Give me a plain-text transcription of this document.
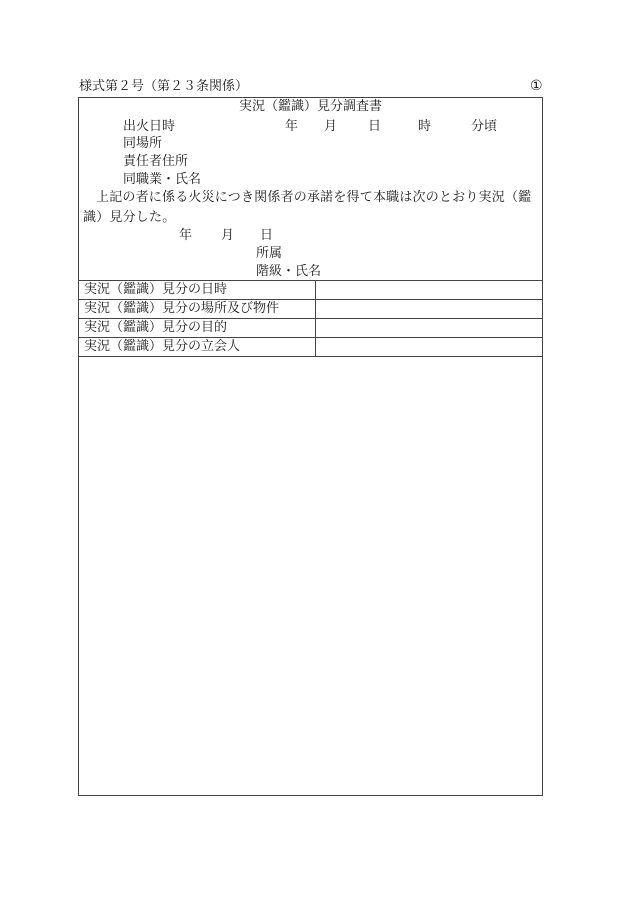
様式第２号（第２３条関係）	①
実況（鑑識）見分調査書
出火日時	年 月 日	時	分頃
同場所
責任者住所
同職業・氏名
上記の者に係る火災につき関係者の承諾を得て本職は次のとおり実況（鑑識）見分した。
年 月 日
所属
階級・氏名
実況（鑑識）見分の日時	
実況（鑑識）見分の場所及び物件	
実況（鑑識）見分の目的	
実況（鑑識）見分の立会人	
